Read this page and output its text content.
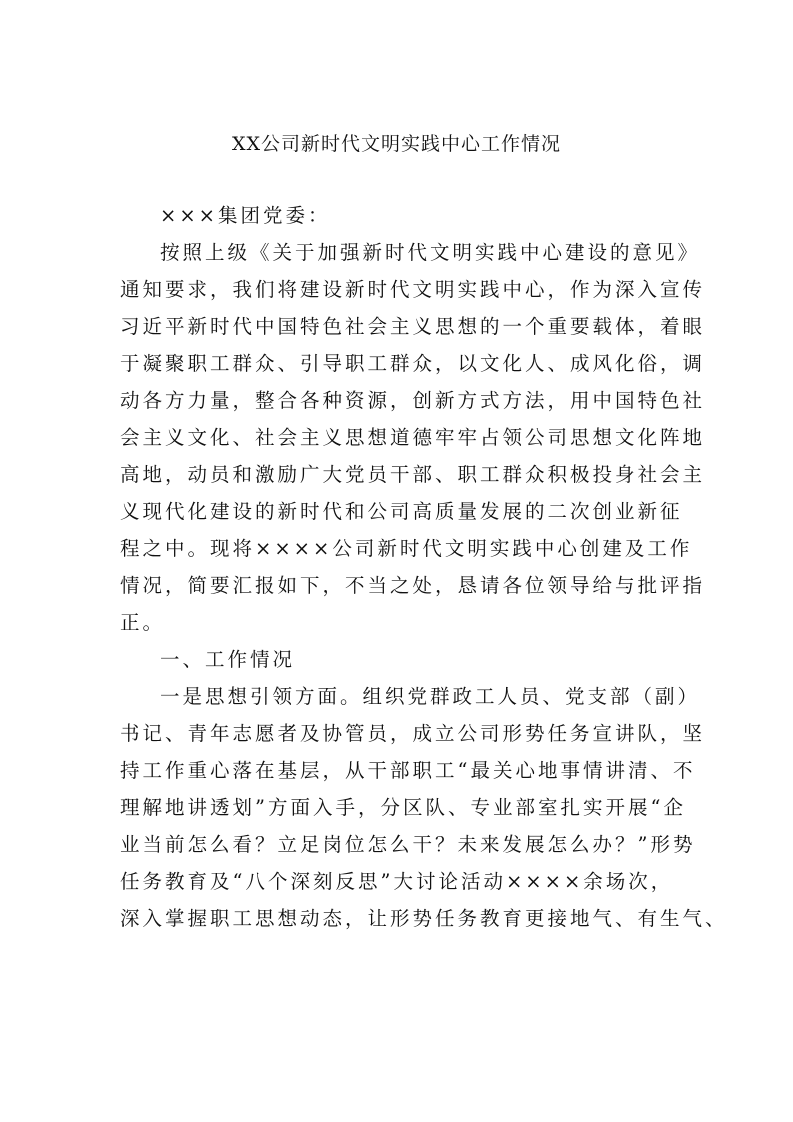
XX公司新时代文明实践中心工作情况
×××集团党委：
按照上级《关于加强新时代文明实践中心建设的意见》
通知要求，我们将建设新时代文明实践中心，作为深入宣传
习近平新时代中国特色社会主义思想的一个重要载体，着眼
于凝聚职工群众、引导职工群众，以文化人、成风化俗，调
动各方力量，整合各种资源，创新方式方法，用中国特色社
会主义文化、社会主义思想道德牢牢占领公司思想文化阵地
高地，动员和激励广大党员干部、职工群众积极投身社会主
义现代化建设的新时代和公司高质量发展的二次创业新征
程之中。现将××××公司新时代文明实践中心创建及工作
情况，简要汇报如下，不当之处，恳请各位领导给与批评指
正。
一、工作情况
一是思想引领方面。组织党群政工人员、党支部（副）
书记、青年志愿者及协管员，成立公司形势任务宣讲队，坚
持工作重心落在基层，从干部职工“最关心地事情讲清、不
理解地讲透划”方面入手，分区队、专业部室扎实开展“企
业当前怎么看？立足岗位怎么干？未来发展怎么办？”形势
任务教育及“八个深刻反思”大讨论活动××××余场次，
深入掌握职工思想动态，让形势任务教育更接地气、有生气、
